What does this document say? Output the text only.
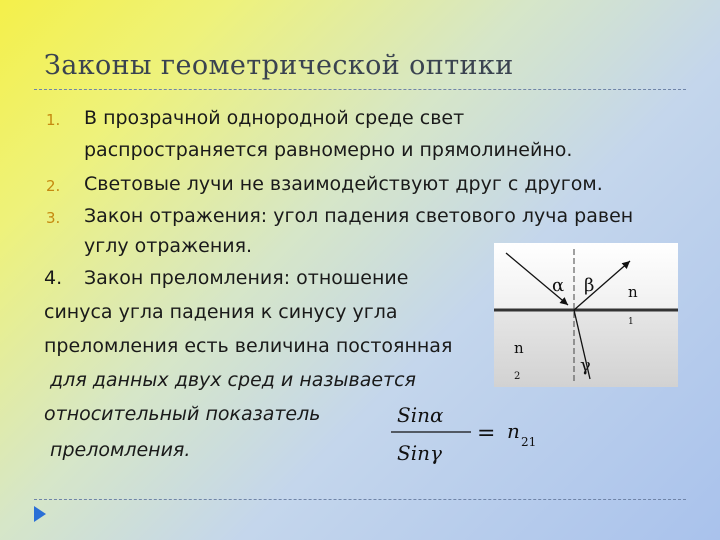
Законы геометрической оптики
1. В прозрачной однородной среде свет
распространяется равномерно и прямолинейно.
2. Световые лучи не взаимодействуют друг с другом.
3. Закон отражения: угол падения светового луча равен
углу отражения.
4. Закон преломления: отношение
синуса угла падения к синусу угла
преломления есть величина постоянная
для данных двух сред и называется
относительный показатель
преломления.
α β
γ
n
1
n
2
Sinα
Sinγ
= n 21
